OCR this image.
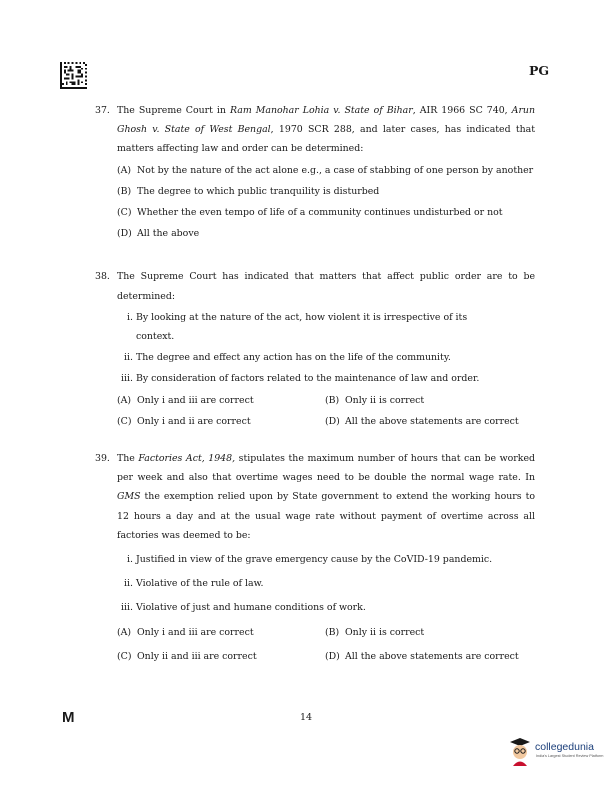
PG
37. The Supreme Court in Ram Manohar Lohia v. State of Bihar, AIR 1966 SC 740, Arun Ghosh v. State of West Bengal, 1970 SCR 288, and later cases, has indicated that matters affecting law and order can be determined:
(A) Not by the nature of the act alone e.g., a case of stabbing of one person by another
(B) The degree to which public tranquility is disturbed
(C) Whether the even tempo of life of a community continues undisturbed or not
(D) All the above
38. The Supreme Court has indicated that matters that affect public order are to be determined:
i. By looking at the nature of the act, how violent it is irrespective of its context.
ii. The degree and effect any action has on the life of the community.
iii. By consideration of factors related to the maintenance of law and order.
(A) Only i and iii are correct	(B) Only ii is correct
(C) Only i and ii are correct	(D) All the above statements are correct
39. The Factories Act, 1948, stipulates the maximum number of hours that can be worked per week and also that overtime wages need to be double the normal wage rate. In GMS the exemption relied upon by State government to extend the working hours to 12 hours a day and at the usual wage rate without payment of overtime across all factories was deemed to be:
i. Justified in view of the grave emergency cause by the CoVID-19 pandemic.
ii. Violative of the rule of law.
iii. Violative of just and humane conditions of work.
(A) Only i and iii are correct	(B) Only ii is correct
(C) Only ii and iii are correct	(D) All the above statements are correct
M	14
collegedunia
India's Largest Student Review Platform
